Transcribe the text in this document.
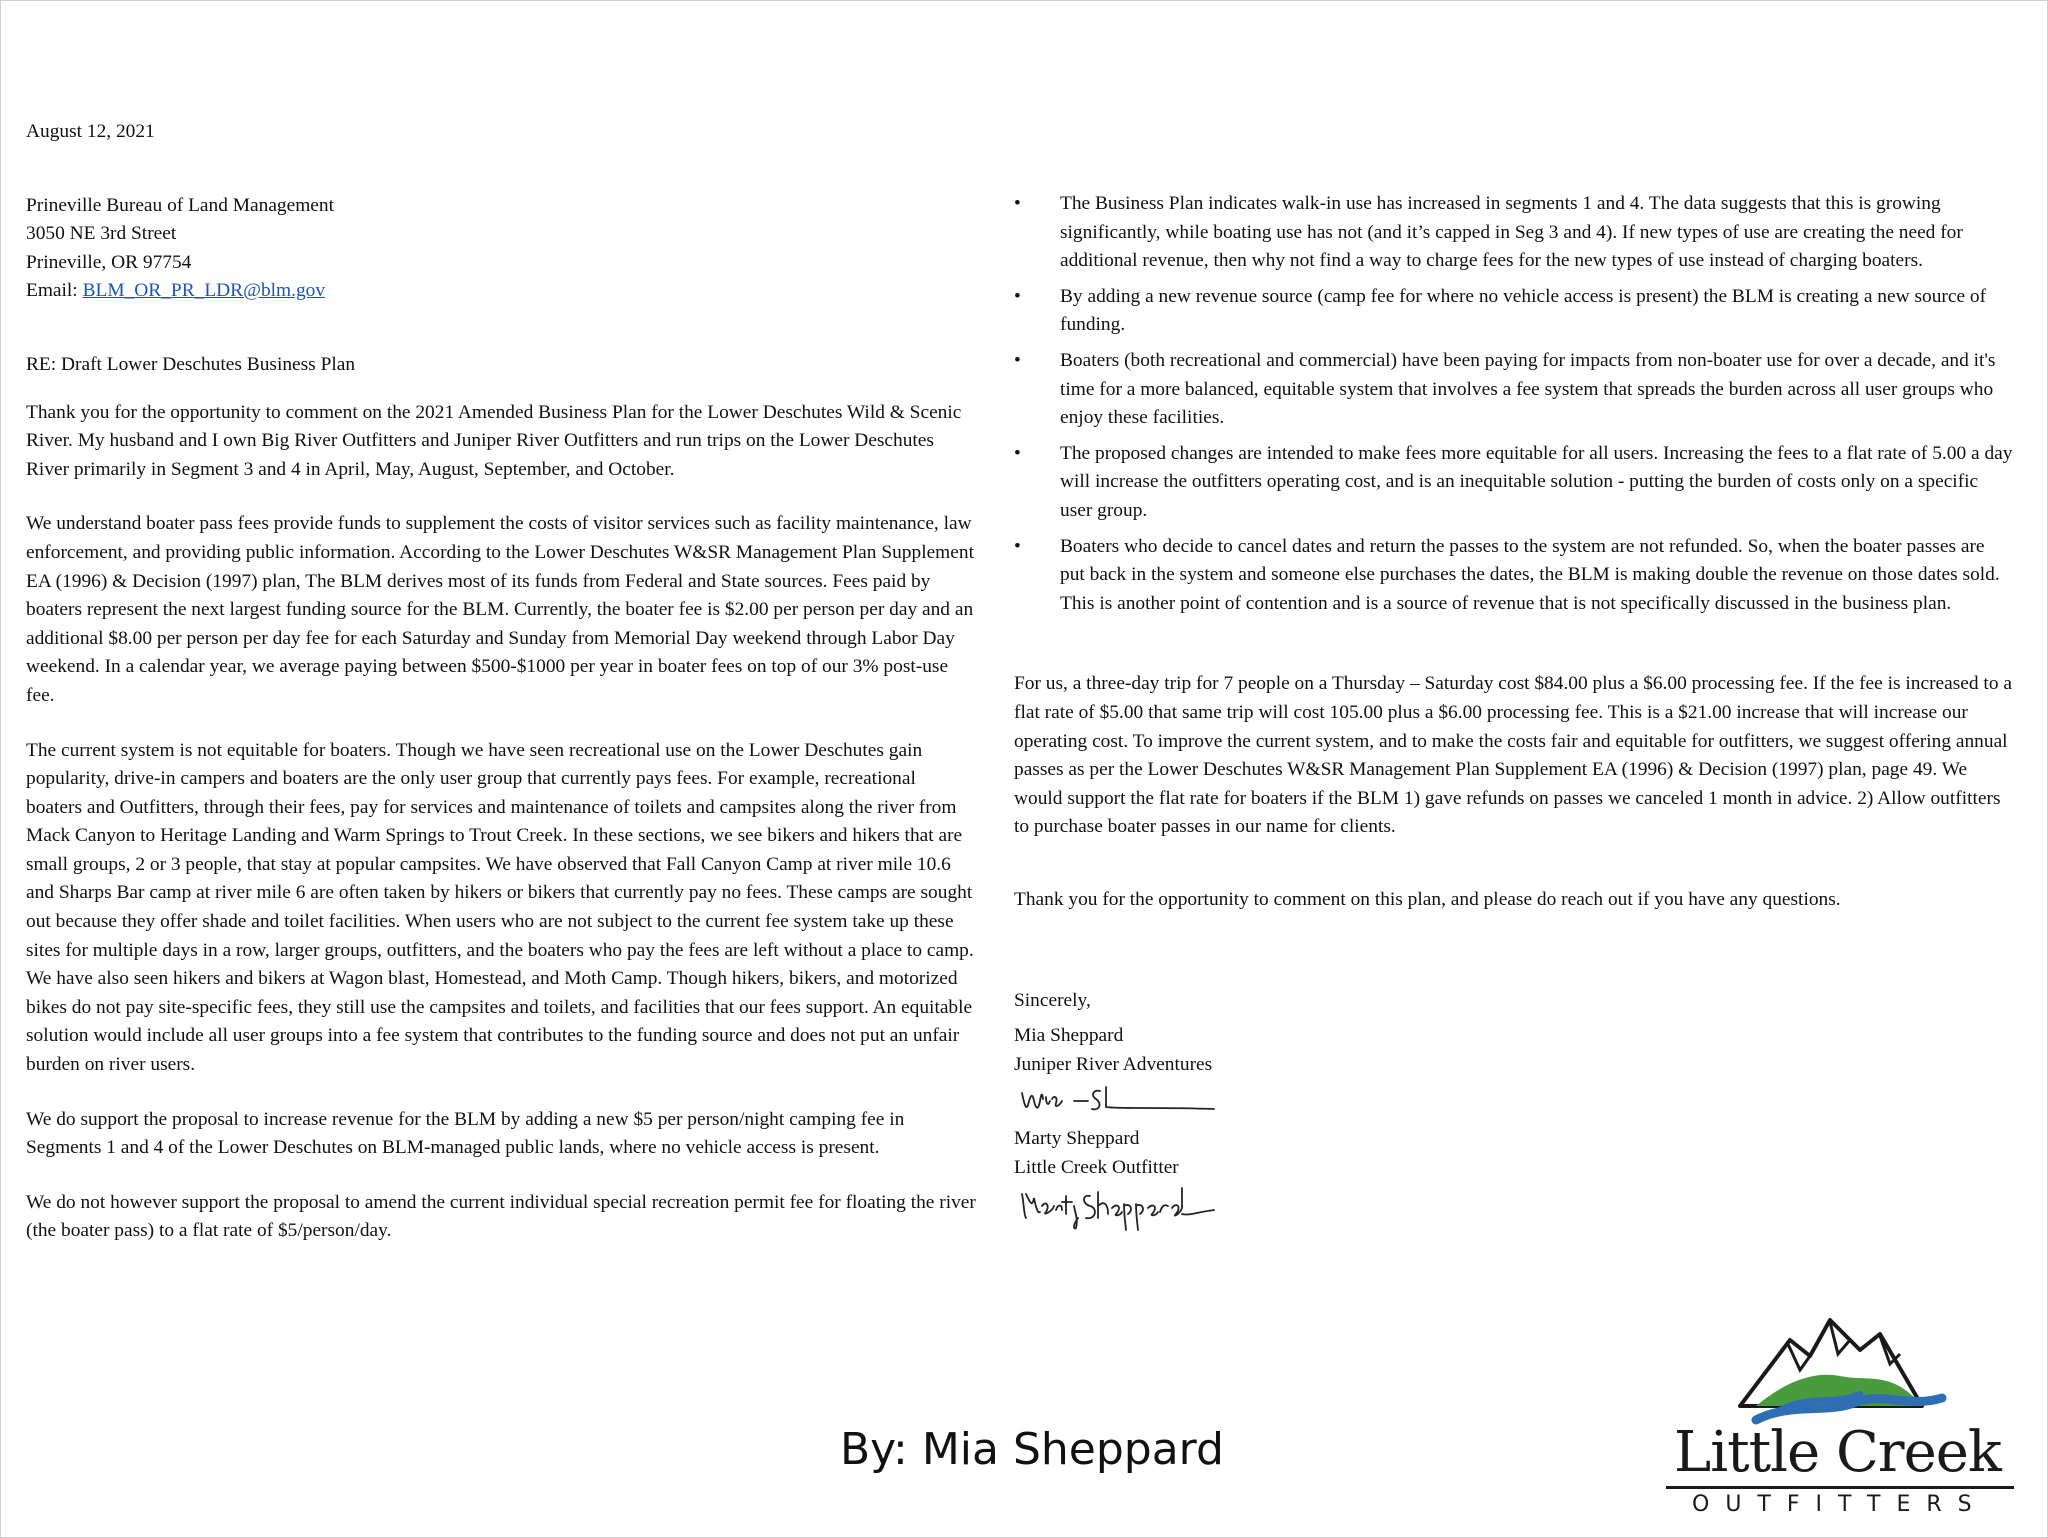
August 12, 2021

Prineville Bureau of Land Management

3050 NE 3rd Street

Prineville, OR 97754

Email: BLM_OR_PR_LDR@blm.gov

RE: Draft Lower Deschutes Business Plan

Thank you for the opportunity to comment on the 2021 Amended Business Plan for the Lower Deschutes Wild & Scenic River. My husband and I own Big River Outfitters and Juniper River Outfitters and run trips on the Lower Deschutes River primarily in Segment 3 and 4 in April, May, August, September, and October.

We understand boater pass fees provide funds to supplement the costs of visitor services such as facility maintenance, law enforcement, and providing public information. According to the Lower Deschutes W&SR Management Plan Supplement EA (1996) & Decision (1997) plan, The BLM derives most of its funds from Federal and State sources. Fees paid by boaters represent the next largest funding source for the BLM. Currently, the boater fee is $2.00 per person per day and an additional $8.00 per person per day fee for each Saturday and Sunday from Memorial Day weekend through Labor Day weekend. In a calendar year, we average paying between $500-$1000 per year in boater fees on top of our 3% post-use fee.

The current system is not equitable for boaters. Though we have seen recreational use on the Lower Deschutes gain popularity, drive-in campers and boaters are the only user group that currently pays fees. For example, recreational boaters and Outfitters, through their fees, pay for services and maintenance of toilets and campsites along the river from Mack Canyon to Heritage Landing and Warm Springs to Trout Creek. In these sections, we see bikers and hikers that are small groups, 2 or 3 people, that stay at popular campsites. We have observed that Fall Canyon Camp at river mile 10.6 and Sharps Bar camp at river mile 6 are often taken by hikers or bikers that currently pay no fees. These camps are sought out because they offer shade and toilet facilities. When users who are not subject to the current fee system take up these sites for multiple days in a row, larger groups, outfitters, and the boaters who pay the fees are left without a place to camp. We have also seen hikers and bikers at Wagon blast, Homestead, and Moth Camp. Though hikers, bikers, and motorized bikes do not pay site-specific fees, they still use the campsites and toilets, and facilities that our fees support. An equitable solution would include all user groups into a fee system that contributes to the funding source and does not put an unfair burden on river users.

We do support the proposal to increase revenue for the BLM by adding a new $5 per person/night camping fee in Segments 1 and 4 of the Lower Deschutes on BLM-managed public lands, where no vehicle access is present.

We do not however support the proposal to amend the current individual special recreation permit fee for floating the river (the boater pass) to a flat rate of $5/person/day.

• The Business Plan indicates walk-in use has increased in segments 1 and 4. The data suggests that this is growing significantly, while boating use has not (and it’s capped in Seg 3 and 4). If new types of use are creating the need for additional revenue, then why not find a way to charge fees for the new types of use instead of charging boaters.
• By adding a new revenue source (camp fee for where no vehicle access is present) the BLM is creating a new source of funding.
• Boaters (both recreational and commercial) have been paying for impacts from non-boater use for over a decade, and it's time for a more balanced, equitable system that involves a fee system that spreads the burden across all user groups who enjoy these facilities.
• The proposed changes are intended to make fees more equitable for all users. Increasing the fees to a flat rate of 5.00 a day will increase the outfitters operating cost, and is an inequitable solution - putting the burden of costs only on a specific user group.
• Boaters who decide to cancel dates and return the passes to the system are not refunded. So, when the boater passes are put back in the system and someone else purchases the dates, the BLM is making double the revenue on those dates sold. This is another point of contention and is a source of revenue that is not specifically discussed in the business plan.

For us, a three-day trip for 7 people on a Thursday – Saturday cost $84.00 plus a $6.00 processing fee. If the fee is increased to a flat rate of $5.00 that same trip will cost 105.00 plus a $6.00 processing fee. This is a $21.00 increase that will increase our operating cost. To improve the current system, and to make the costs fair and equitable for outfitters, we suggest offering annual passes as per the Lower Deschutes W&SR Management Plan Supplement EA (1996) & Decision (1997) plan, page 49. We would support the flat rate for boaters if the BLM 1) gave refunds on passes we canceled 1 month in advice. 2) Allow outfitters to purchase boater passes in our name for clients.

Thank you for the opportunity to comment on this plan, and please do reach out if you have any questions.

Sincerely,

Mia Sheppard

Juniper River Adventures

Marty Sheppard

Little Creek Outfitter

By: Mia Sheppard	Little Creek
OUTFITTERS
